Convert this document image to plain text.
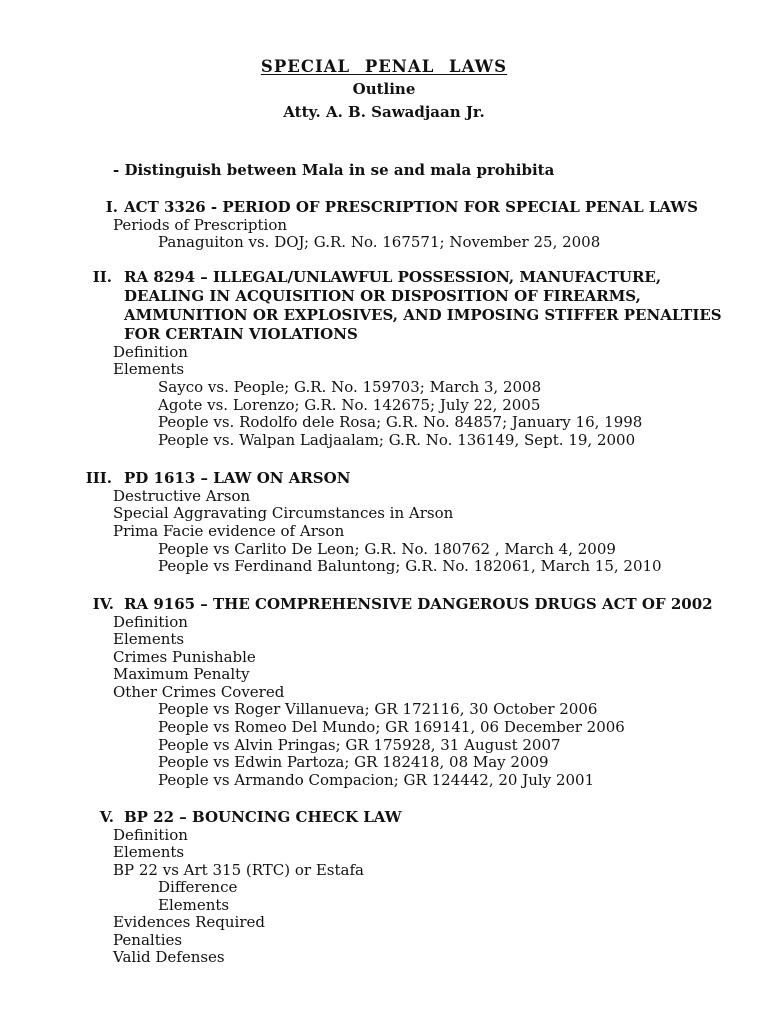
SPECIAL PENAL LAWS
Outline
Atty. A. B. Sawadjaan Jr.
- Distinguish between Mala in se and mala prohibita
I. ACT 3326 - PERIOD OF PRESCRIPTION FOR SPECIAL PENAL LAWS
Periods of Prescription
Panaguiton vs. DOJ; G.R. No. 167571; November 25, 2008
II. RA 8294 – ILLEGAL/UNLAWFUL POSSESSION, MANUFACTURE,
DEALING IN ACQUISITION OR DISPOSITION OF FIREARMS,
AMMUNITION OR EXPLOSIVES, AND IMPOSING STIFFER PENALTIES
FOR CERTAIN VIOLATIONS
Definition
Elements
Sayco vs. People; G.R. No. 159703; March 3, 2008
Agote vs. Lorenzo; G.R. No. 142675; July 22, 2005
People vs. Rodolfo dele Rosa; G.R. No. 84857; January 16, 1998
People vs. Walpan Ladjaalam; G.R. No. 136149, Sept. 19, 2000
III. PD 1613 – LAW ON ARSON
Destructive Arson
Special Aggravating Circumstances in Arson
Prima Facie evidence of Arson
People vs Carlito De Leon; G.R. No. 180762 , March 4, 2009
People vs Ferdinand Baluntong; G.R. No. 182061, March 15, 2010
IV. RA 9165 – THE COMPREHENSIVE DANGEROUS DRUGS ACT OF 2002
Definition
Elements
Crimes Punishable
Maximum Penalty
Other Crimes Covered
People vs Roger Villanueva; GR 172116, 30 October 2006
People vs Romeo Del Mundo; GR 169141, 06 December 2006
People vs Alvin Pringas; GR 175928, 31 August 2007
People vs Edwin Partoza; GR 182418, 08 May 2009
People vs Armando Compacion; GR 124442, 20 July 2001
V. BP 22 – BOUNCING CHECK LAW
Definition
Elements
BP 22 vs Art 315 (RTC) or Estafa
Difference
Elements
Evidences Required
Penalties
Valid Defenses
